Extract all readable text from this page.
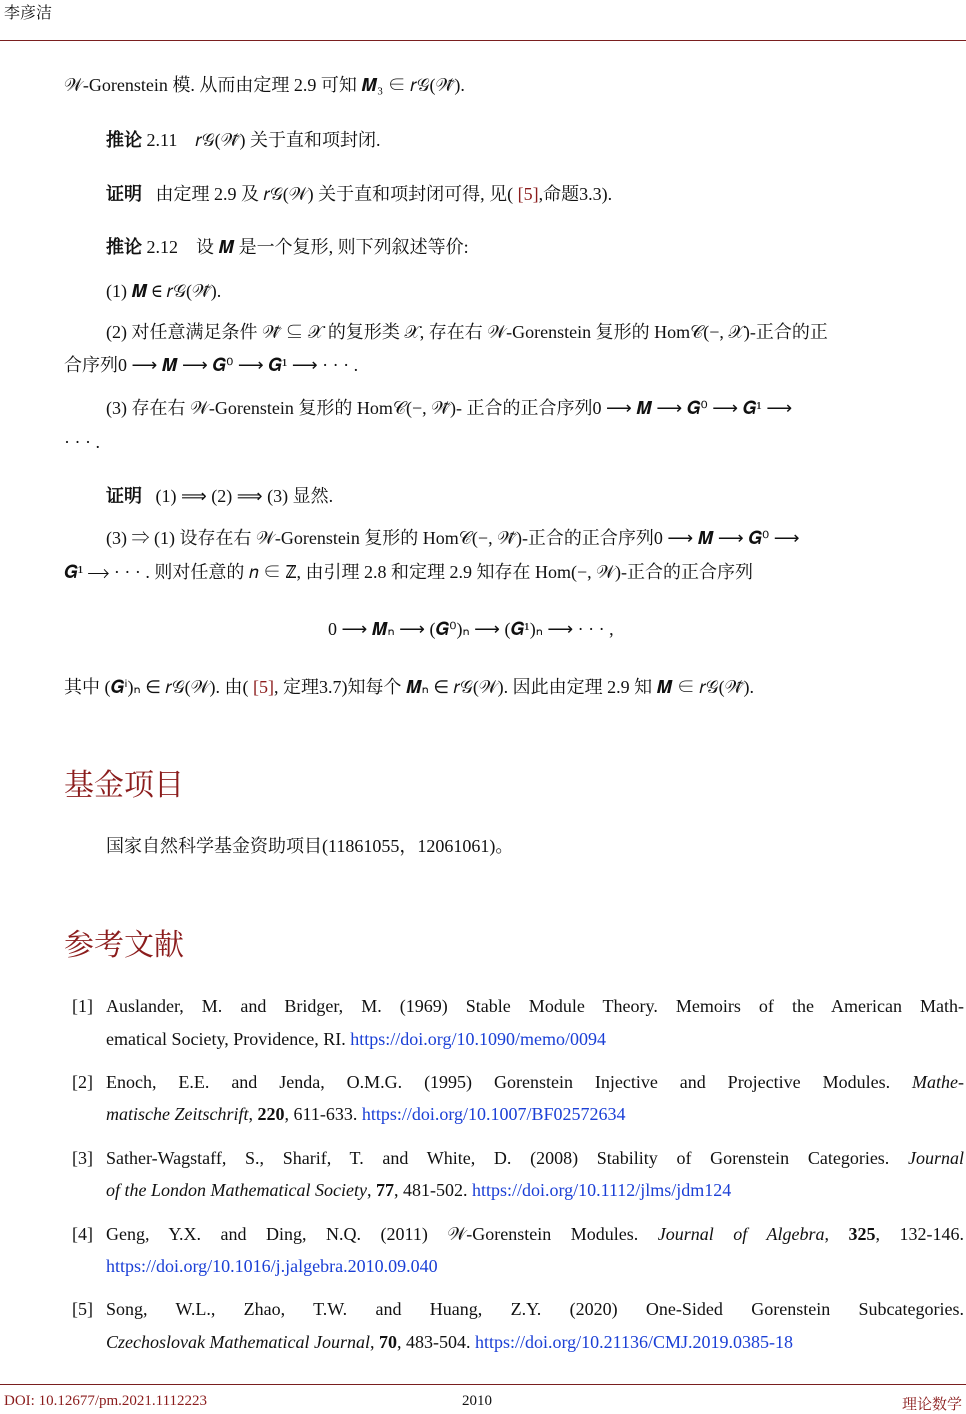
李彦洁
𝒲-Gorenstein 模. 从而由定理 2.9 可知 𝑴₃ ∈ 𝑟𝒢(𝒲̃).
推论 2.11　𝑟𝒢(𝒲̃) 关于直和项封闭.
证明 由定理 2.9 及 𝑟𝒢(𝒲) 关于直和项封闭可得, 见( [5],命题3.3).
推论 2.12　设 𝑴 是一个复形, 则下列叙述等价:
(1) 𝑴 ∈ 𝑟𝒢(𝒲̃).
(2) 对任意满足条件 𝒲̃ ⊆ 𝒳 的复形类 𝒳, 存在右 𝒲-Gorenstein 复形的 Hom𝒞(−, 𝒳)-正合的正
合序列0 ⟶ 𝑴 ⟶ 𝑮⁰ ⟶ 𝑮¹ ⟶ · · · .
(3) 存在右 𝒲-Gorenstein 复形的 Hom𝒞(−, 𝒲̃)- 正合的正合序列0 ⟶ 𝑴 ⟶ 𝑮⁰ ⟶ 𝑮¹ ⟶
· · · .
证明 (1) ⟹ (2) ⟹ (3) 显然.
(3) ⇒ (1) 设存在右 𝒲-Gorenstein 复形的 Hom𝒞(−, 𝒲̃)-正合的正合序列0 ⟶ 𝑴 ⟶ 𝑮⁰ ⟶
𝑮¹ ⟶ · · · . 则对任意的 𝑛 ∈ ℤ, 由引理 2.8 和定理 2.9 知存在 Hom(−, 𝒲)-正合的正合序列
0 ⟶ 𝑴ₙ ⟶ (𝑮⁰)ₙ ⟶ (𝑮¹)ₙ ⟶ · · · ,
其中 (𝑮ⁱ)ₙ ∈ 𝑟𝒢(𝒲). 由( [5], 定理3.7)知每个 𝑴ₙ ∈ 𝑟𝒢(𝒲). 因此由定理 2.9 知 𝑴 ∈ 𝑟𝒢(𝒲̃).
基金项目
国家自然科学基金资助项目(11861055，12061061)。
参考文献
[1] Auslander, M. and Bridger, M. (1969) Stable Module Theory. Memoirs of the American Math-
ematical Society, Providence, RI. https://doi.org/10.1090/memo/0094
[2] Enoch, E.E. and Jenda, O.M.G. (1995) Gorenstein Injective and Projective Modules. Mathe-
matische Zeitschrift, 220, 611-633. https://doi.org/10.1007/BF02572634
[3] Sather-Wagstaff, S., Sharif, T. and White, D. (2008) Stability of Gorenstein Categories. Journal
of the London Mathematical Society, 77, 481-502. https://doi.org/10.1112/jlms/jdm124
[4] Geng, Y.X. and Ding, N.Q. (2011) 𝒲-Gorenstein Modules. Journal of Algebra, 325, 132-146.
https://doi.org/10.1016/j.jalgebra.2010.09.040
[5] Song, W.L., Zhao, T.W. and Huang, Z.Y. (2020) One-Sided Gorenstein Subcategories.
Czechoslovak Mathematical Journal, 70, 483-504. https://doi.org/10.21136/CMJ.2019.0385-18
DOI: 10.12677/pm.2021.1112223	2010	理论数学
